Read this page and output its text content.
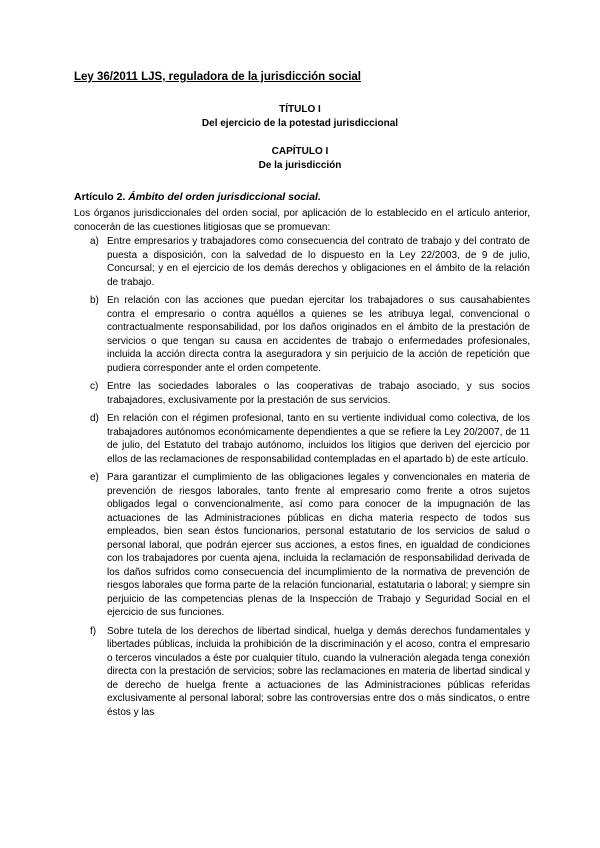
Ley 36/2011 LJS, reguladora de la jurisdicción social

TÍTULO I

Del ejercicio de la potestad jurisdiccional

CAPÍTULO I

De la jurisdicción

Artículo 2. Ámbito del orden jurisdiccional social.

Los órganos jurisdiccionales del orden social, por aplicación de lo establecido en el artículo anterior, conocerán de las cuestiones litigiosas que se promuevan:

a) Entre empresarios y trabajadores como consecuencia del contrato de trabajo y del contrato de puesta a disposición, con la salvedad de lo dispuesto en la Ley 22/2003, de 9 de julio, Concursal; y en el ejercicio de los demás derechos y obligaciones en el ámbito de la relación de trabajo.
b) En relación con las acciones que puedan ejercitar los trabajadores o sus causahabientes contra el empresario o contra aquéllos a quienes se les atribuya legal, convencional o contractualmente responsabilidad, por los daños originados en el ámbito de la prestación de servicios o que tengan su causa en accidentes de trabajo o enfermedades profesionales, incluida la acción directa contra la aseguradora y sin perjuicio de la acción de repetición que pudiera corresponder ante el orden competente.
c) Entre las sociedades laborales o las cooperativas de trabajo asociado, y sus socios trabajadores, exclusivamente por la prestación de sus servicios.
d) En relación con el régimen profesional, tanto en su vertiente individual como colectiva, de los trabajadores autónomos económicamente dependientes a que se refiere la Ley 20/2007, de 11 de julio, del Estatuto del trabajo autónomo, incluidos los litigios que deriven del ejercicio por ellos de las reclamaciones de responsabilidad contempladas en el apartado b) de este artículo.
e) Para garantizar el cumplimiento de las obligaciones legales y convencionales en materia de prevención de riesgos laborales, tanto frente al empresario como frente a otros sujetos obligados legal o convencionalmente, así como para conocer de la impugnación de las actuaciones de las Administraciones públicas en dicha materia respecto de todos sus empleados, bien sean éstos funcionarios, personal estatutario de los servicios de salud o personal laboral, que podrán ejercer sus acciones, a estos fines, en igualdad de condiciones con los trabajadores por cuenta ajena, incluida la reclamación de responsabilidad derivada de los daños sufridos como consecuencia del incumplimiento de la normativa de prevención de riesgos laborales que forma parte de la relación funcionarial, estatutaria o laboral; y siempre sin perjuicio de las competencias plenas de la Inspección de Trabajo y Seguridad Social en el ejercicio de sus funciones.
f) Sobre tutela de los derechos de libertad sindical, huelga y demás derechos fundamentales y libertades públicas, incluida la prohibición de la discriminación y el acoso, contra el empresario o terceros vinculados a éste por cualquier título, cuando la vulneración alegada tenga conexión directa con la prestación de servicios; sobre las reclamaciones en materia de libertad sindical y de derecho de huelga frente a actuaciones de las Administraciones públicas referidas exclusivamente al personal laboral; sobre las controversias entre dos o más sindicatos, o entre éstos y las
